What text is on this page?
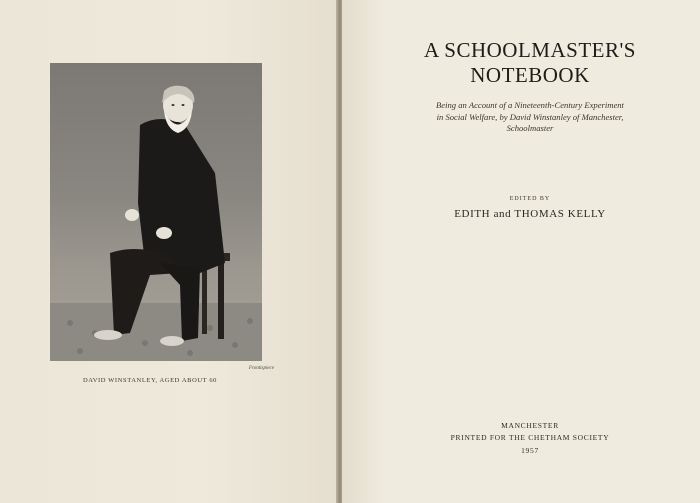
Frontispiece
DAVID WINSTANLEY, AGED ABOUT 60
A SCHOOLMASTER'S
NOTEBOOK
Being an Account of a Nineteenth-Century Experiment in Social Welfare, by David Winstanley of Manchester, Schoolmaster
EDITED BY
EDITH and THOMAS KELLY
MANCHESTER
PRINTED FOR THE CHETHAM SOCIETY
1957
